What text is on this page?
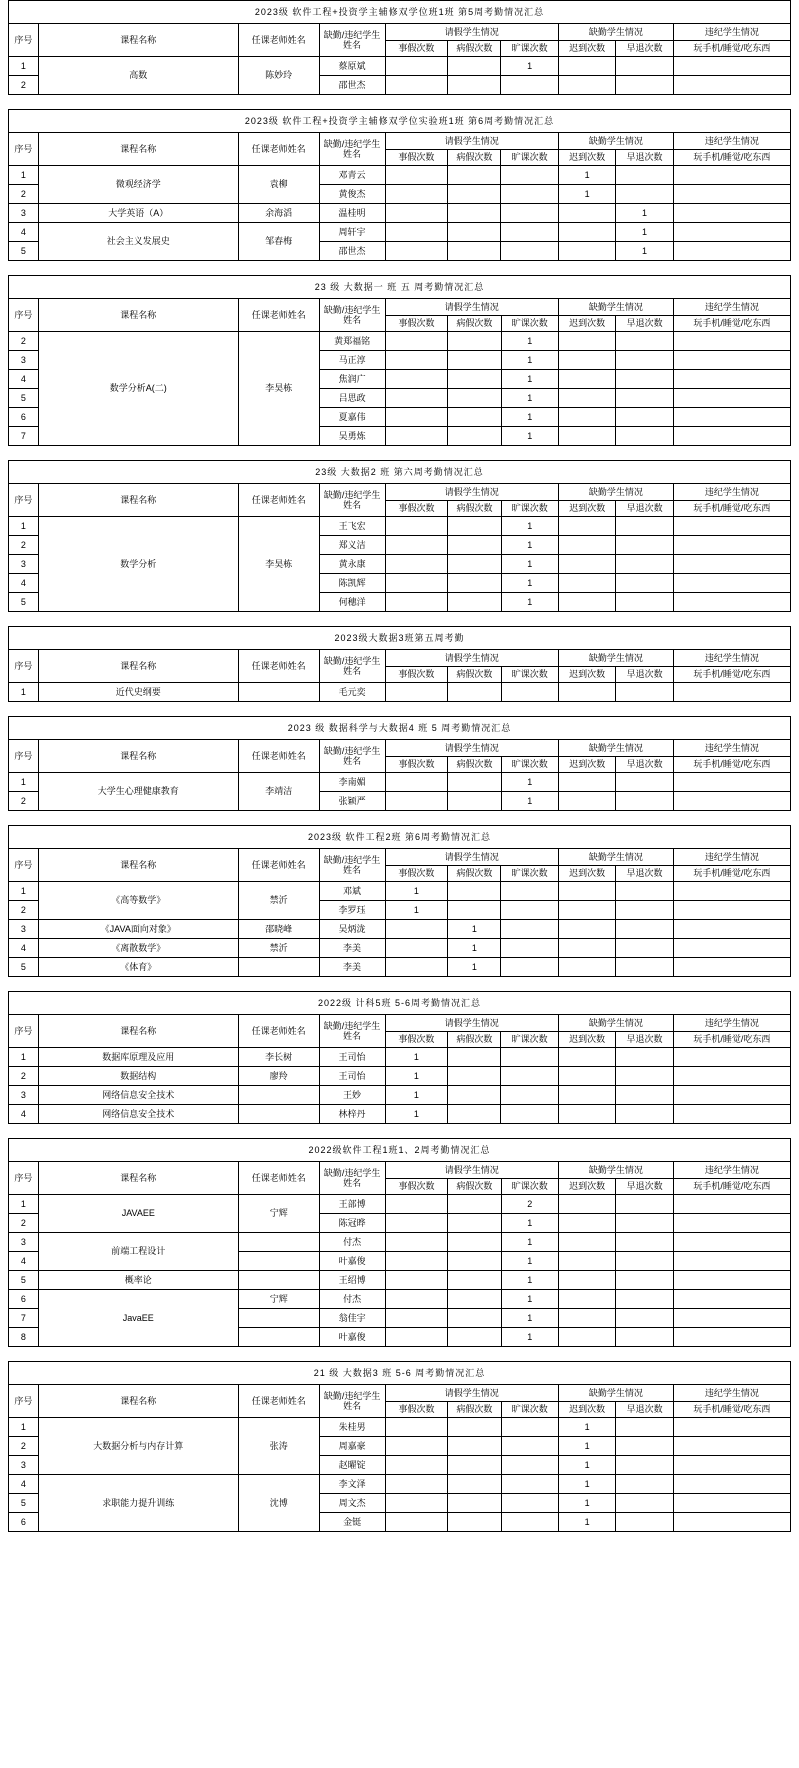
2023级 软件工程+投资学主辅修双学位班1班 第5周考勤情况汇总									
序号	课程名称	任课老师姓名	缺勤/违纪学生姓名	请假学生情况			缺勤学生情况		违纪学生情况
				事假次数	病假次数	旷课次数	迟到次数	早退次数	玩手机/睡觉/吃东西
1	高数	陈妙玲	蔡原斌			1			
2			邵世杰						
2023级 软件工程+投资学主辅修双学位实验班1班 第6周考勤情况汇总									
序号	课程名称	任课老师姓名	缺勤/违纪学生姓名	请假学生情况			缺勤学生情况		违纪学生情况
				事假次数	病假次数	旷课次数	迟到次数	早退次数	玩手机/睡觉/吃东西
1	微观经济学	袁柳	邓青云				1		
2			黄俊杰				1		
3	大学英语（A）	余海滔	温桂明					1	
4	社会主义发展史	邹春梅	周轩宇					1	
5			邵世杰					1	
23 级 大数据一 班 五 周考勤情况汇总									
序号	课程名称	任课老师姓名	缺勤/违纪学生姓名	请假学生情况			缺勤学生情况		违纪学生情况
				事假次数	病假次数	旷课次数	迟到次数	早退次数	玩手机/睡觉/吃东西
2	数学分析A(二)	李昊栋	黄郑福铭			1			
3			马正淳			1			
4			焦润广			1			
5			吕思政			1			
6			夏嘉伟			1			
7			吴勇炼			1			
23级 大数据2 班 第六周考勤情况汇总									
序号	课程名称	任课老师姓名	缺勤/违纪学生姓名	请假学生情况			缺勤学生情况		违纪学生情况
				事假次数	病假次数	旷课次数	迟到次数	早退次数	玩手机/睡觉/吃东西
1	数学分析	李昊栋	王飞宏			1			
2			郑义洁			1			
3			黄永康			1			
4			陈凯辉			1			
5			何穗洋			1			
2023级大数据3班第五周考勤									
序号	课程名称	任课老师姓名	缺勤/违纪学生姓名	请假学生情况			缺勤学生情况		违纪学生情况
				事假次数	病假次数	旷课次数	迟到次数	早退次数	玩手机/睡觉/吃东西
1	近代史纲要		毛元奕						
2023 级 数据科学与大数据4 班 5 周考勤情况汇总									
序号	课程名称	任课老师姓名	缺勤/违纪学生姓名	请假学生情况			缺勤学生情况		违纪学生情况
				事假次数	病假次数	旷课次数	迟到次数	早退次数	玩手机/睡觉/吃东西
1	大学生心理健康教育	李靖洁	李南媚			1			
2			张颖严			1			
2023级 软件工程2班 第6周考勤情况汇总									
序号	课程名称	任课老师姓名	缺勤/违纪学生姓名	请假学生情况			缺勤学生情况		违纪学生情况
				事假次数	病假次数	旷课次数	迟到次数	早退次数	玩手机/睡觉/吃东西
1	《高等数学》	禁沂	邓斌	1					
2			李罗珏	1					
3	《JAVA面向对象》	邵晓峰	吴炳泷		1				
4	《离散数学》	禁沂	李美		1				
5	《体育》		李美		1				
2022级 计科5班 5-6周考勤情况汇总									
序号	课程名称	任课老师姓名	缺勤/违纪学生姓名	请假学生情况			缺勤学生情况		违纪学生情况
				事假次数	病假次数	旷课次数	迟到次数	早退次数	玩手机/睡觉/吃东西
1	数据库原理及应用	李长树	王司怡	1					
2	数据结构	廖羚	王司怡	1					
3	网络信息安全技术		王妙	1					
4	网络信息安全技术		林梓丹	1					
2022级软件工程1班1、2周考勤情况汇总									
序号	课程名称	任课老师姓名	缺勤/违纪学生姓名	请假学生情况			缺勤学生情况		违纪学生情况
				事假次数	病假次数	旷课次数	迟到次数	早退次数	玩手机/睡觉/吃东西
1	JAVAEE	宁辉	王部博			2			
2			陈冠晔			1			
3	前端工程设计		付杰			1			
4			叶嘉俊			1			
5	概率论		王绍博			1			
6	JavaEE	宁辉	付杰			1			
7			翁佳宇			1			
8			叶嘉俊			1			
21 级 大数据3 班 5-6 周考勤情况汇总									
序号	课程名称	任课老师姓名	缺勤/违纪学生姓名	请假学生情况			缺勤学生情况		违纪学生情况
				事假次数	病假次数	旷课次数	迟到次数	早退次数	玩手机/睡觉/吃东西
1	大数据分析与内存计算	张涛	朱桂男				1		
2			周嘉豪				1		
3			赵曜锭				1		
4	求职能力提升训练	沈博	李文泽				1		
5			周文杰				1		
6			金铤				1		
